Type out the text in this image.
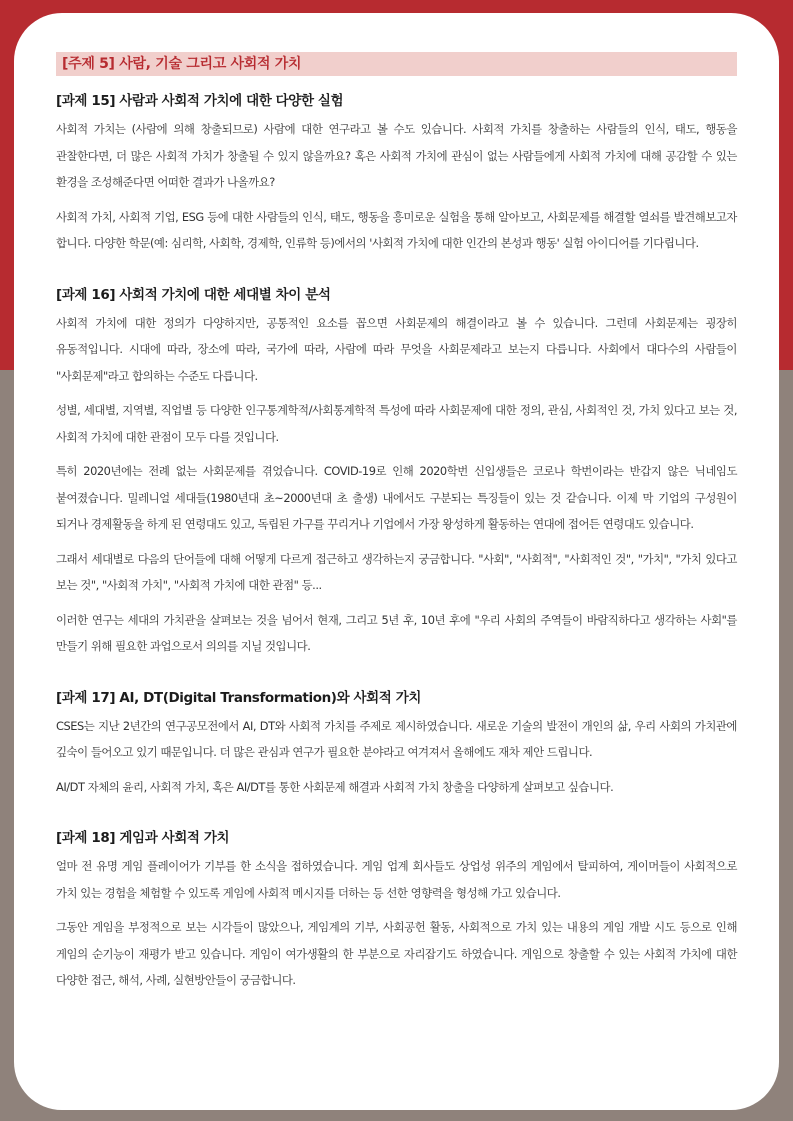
[주제 5] 사람, 기술 그리고 사회적 가치
[과제 15] 사람과 사회적 가치에 대한 다양한 실험

사회적 가치는 (사람에 의해 창출되므로) 사람에 대한 연구라고 볼 수도 있습니다. 사회적 가치를 창출하는 사람들의 인식, 태도, 행동을 관찰한다면, 더 많은 사회적 가치가 창출될 수 있지 않을까요? 혹은 사회적 가치에 관심이 없는 사람들에게 사회적 가치에 대해 공감할 수 있는 환경을 조성해준다면 어떠한 결과가 나올까요?

사회적 가치, 사회적 기업, ESG 등에 대한 사람들의 인식, 태도, 행동을 흥미로운 실험을 통해 알아보고, 사회문제를 해결할 열쇠를 발견해보고자 합니다. 다양한 학문(예: 심리학, 사회학, 경제학, 인류학 등)에서의 '사회적 가치에 대한 인간의 본성과 행동' 실험 아이디어를 기다립니다.

[과제 16] 사회적 가치에 대한 세대별 차이 분석

사회적 가치에 대한 정의가 다양하지만, 공통적인 요소를 꼽으면 사회문제의 해결이라고 볼 수 있습니다. 그런데 사회문제는 굉장히 유동적입니다. 시대에 따라, 장소에 따라, 국가에 따라, 사람에 따라 무엇을 사회문제라고 보는지 다릅니다. 사회에서 대다수의 사람들이 "사회문제"라고 합의하는 수준도 다릅니다.

성별, 세대별, 지역별, 직업별 등 다양한 인구통계학적/사회통계학적 특성에 따라 사회문제에 대한 정의, 관심, 사회적인 것, 가치 있다고 보는 것, 사회적 가치에 대한 관점이 모두 다를 것입니다.

특히 2020년에는 전례 없는 사회문제를 겪었습니다. COVID-19로 인해 2020학번 신입생들은 코로나 학번이라는 반갑지 않은 닉네임도 붙여졌습니다. 밀레니얼 세대들(1980년대 초~2000년대 초 출생) 내에서도 구분되는 특징들이 있는 것 같습니다. 이제 막 기업의 구성원이 되거나 경제활동을 하게 된 연령대도 있고, 독립된 가구를 꾸리거나 기업에서 가장 왕성하게 활동하는 연대에 접어든 연령대도 있습니다.

그래서 세대별로 다음의 단어들에 대해 어떻게 다르게 접근하고 생각하는지 궁금합니다. "사회", "사회적", "사회적인 것", "가치", "가치 있다고 보는 것", "사회적 가치", "사회적 가치에 대한 관점" 등...

이러한 연구는 세대의 가치관을 살펴보는 것을 넘어서 현재, 그리고 5년 후, 10년 후에 "우리 사회의 주역들이 바람직하다고 생각하는 사회"를 만들기 위해 필요한 과업으로서 의의를 지닐 것입니다.

[과제 17] AI, DT(Digital Transformation)와 사회적 가치

CSES는 지난 2년간의 연구공모전에서 AI, DT와 사회적 가치를 주제로 제시하였습니다. 새로운 기술의 발전이 개인의 삶, 우리 사회의 가치관에 깊숙이 들어오고 있기 때문입니다. 더 많은 관심과 연구가 필요한 분야라고 여겨져서 올해에도 재차 제안 드립니다.

AI/DT 자체의 윤리, 사회적 가치, 혹은 AI/DT를 통한 사회문제 해결과 사회적 가치 창출을 다양하게 살펴보고 싶습니다.

[과제 18] 게임과 사회적 가치

얼마 전 유명 게임 플레이어가 기부를 한 소식을 접하였습니다. 게임 업계 회사들도 상업성 위주의 게임에서 탈피하여, 게이머들이 사회적으로 가치 있는 경험을 체험할 수 있도록 게임에 사회적 메시지를 더하는 등 선한 영향력을 형성해 가고 있습니다.

그동안 게임을 부정적으로 보는 시각들이 많았으나, 게임계의 기부, 사회공헌 활동, 사회적으로 가치 있는 내용의 게임 개발 시도 등으로 인해 게임의 순기능이 재평가 받고 있습니다. 게임이 여가생활의 한 부분으로 자리잡기도 하였습니다. 게임으로 창출할 수 있는 사회적 가치에 대한 다양한 접근, 해석, 사례, 실현방안들이 궁금합니다.
